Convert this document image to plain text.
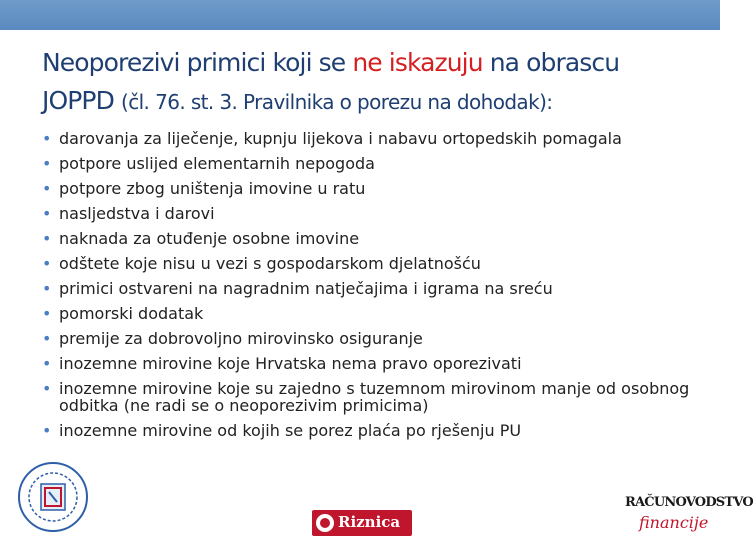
Neoporezivi primici koji se ne iskazuju na obrascu
JOPPD (čl. 76. st. 3. Pravilnika o porezu na dohodak):
• darovanja za liječenje, kupnju lijekova i nabavu ortopedskih pomagala
• potpore uslijed elementarnih nepogoda
• potpore zbog uništenja imovine u ratu
• nasljedstva i darovi
• naknada za otuđenje osobne imovine
• odštete koje nisu u vezi s gospodarskom djelatnošću
• primici ostvareni na nagradnim natječajima i igrama na sreću
• pomorski dodatak
• premije za dobrovoljno mirovinsko osiguranje
• inozemne mirovine koje Hrvatska nema pravo oporezivati
• inozemne mirovine koje su zajedno s tuzemnom mirovinom manje od osobnog odbitka (ne radi se o neoporezivim primicima)
• inozemne mirovine od kojih se porez plaća po rješenju PU
Riznica
RAČUNOVODSTVO
financije
